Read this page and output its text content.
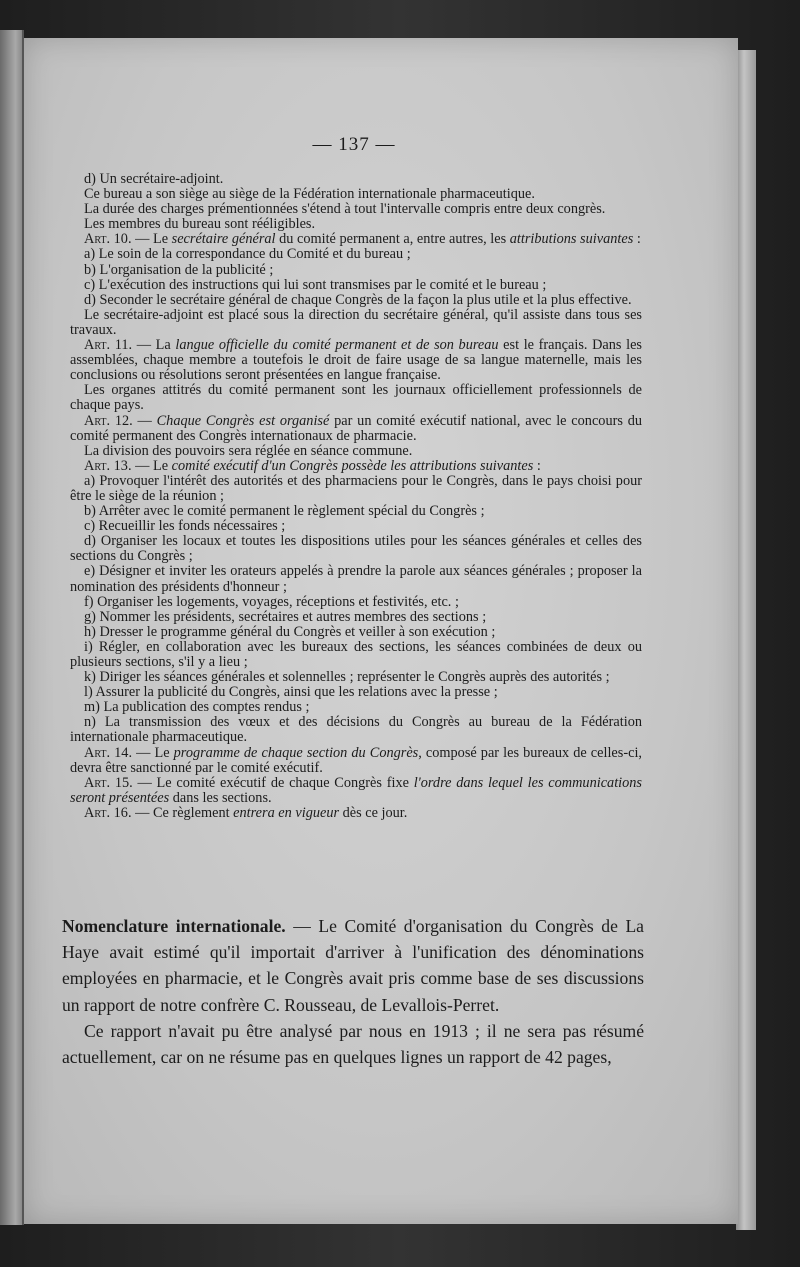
— 137 —

d) Un secrétaire-adjoint.

Ce bureau a son siège au siège de la Fédération internationale pharmaceutique.

La durée des charges prémentionnées s'étend à tout l'intervalle compris entre deux congrès.

Les membres du bureau sont rééligibles.

Art. 10. — Le secrétaire général du comité permanent a, entre autres, les attributions suivantes :

a) Le soin de la correspondance du Comité et du bureau ;

b) L'organisation de la publicité ;

c) L'exécution des instructions qui lui sont transmises par le comité et le bureau ;

d) Seconder le secrétaire général de chaque Congrès de la façon la plus utile et la plus effective.

Le secrétaire-adjoint est placé sous la direction du secrétaire général, qu'il assiste dans tous ses travaux.

Art. 11. — La langue officielle du comité permanent et de son bureau est le français. Dans les assemblées, chaque membre a toutefois le droit de faire usage de sa langue maternelle, mais les conclusions ou résolutions seront présentées en langue française.

Les organes attitrés du comité permanent sont les journaux officiellement professionnels de chaque pays.

Art. 12. — Chaque Congrès est organisé par un comité exécutif national, avec le concours du comité permanent des Congrès internationaux de pharmacie.

La division des pouvoirs sera réglée en séance commune.

Art. 13. — Le comité exécutif d'un Congrès possède les attributions suivantes :

a) Provoquer l'intérêt des autorités et des pharmaciens pour le Congrès, dans le pays choisi pour être le siège de la réunion ;

b) Arrêter avec le comité permanent le règlement spécial du Congrès ;

c) Recueillir les fonds nécessaires ;

d) Organiser les locaux et toutes les dispositions utiles pour les séances générales et celles des sections du Congrès ;

e) Désigner et inviter les orateurs appelés à prendre la parole aux séances générales ; proposer la nomination des présidents d'honneur ;

f) Organiser les logements, voyages, réceptions et festivités, etc. ;

g) Nommer les présidents, secrétaires et autres membres des sections ;

h) Dresser le programme général du Congrès et veiller à son exécution ;

i) Régler, en collaboration avec les bureaux des sections, les séances combinées de deux ou plusieurs sections, s'il y a lieu ;

k) Diriger les séances générales et solennelles ; représenter le Congrès auprès des autorités ;

l) Assurer la publicité du Congrès, ainsi que les relations avec la presse ;

m) La publication des comptes rendus ;

n) La transmission des vœux et des décisions du Congrès au bureau de la Fédération internationale pharmaceutique.

Art. 14. — Le programme de chaque section du Congrès, composé par les bureaux de celles-ci, devra être sanctionné par le comité exécutif.

Art. 15. — Le comité exécutif de chaque Congrès fixe l'ordre dans lequel les communications seront présentées dans les sections.

Art. 16. — Ce règlement entrera en vigueur dès ce jour.

Nomenclature internationale. — Le Comité d'organisation du Congrès de La Haye avait estimé qu'il importait d'arriver à l'unification des dénominations employées en pharmacie, et le Congrès avait pris comme base de ses discussions un rapport de notre confrère C. Rousseau, de Levallois-Perret.

Ce rapport n'avait pu être analysé par nous en 1913 ; il ne sera pas résumé actuellement, car on ne résume pas en quelques lignes un rapport de 42 pages,
